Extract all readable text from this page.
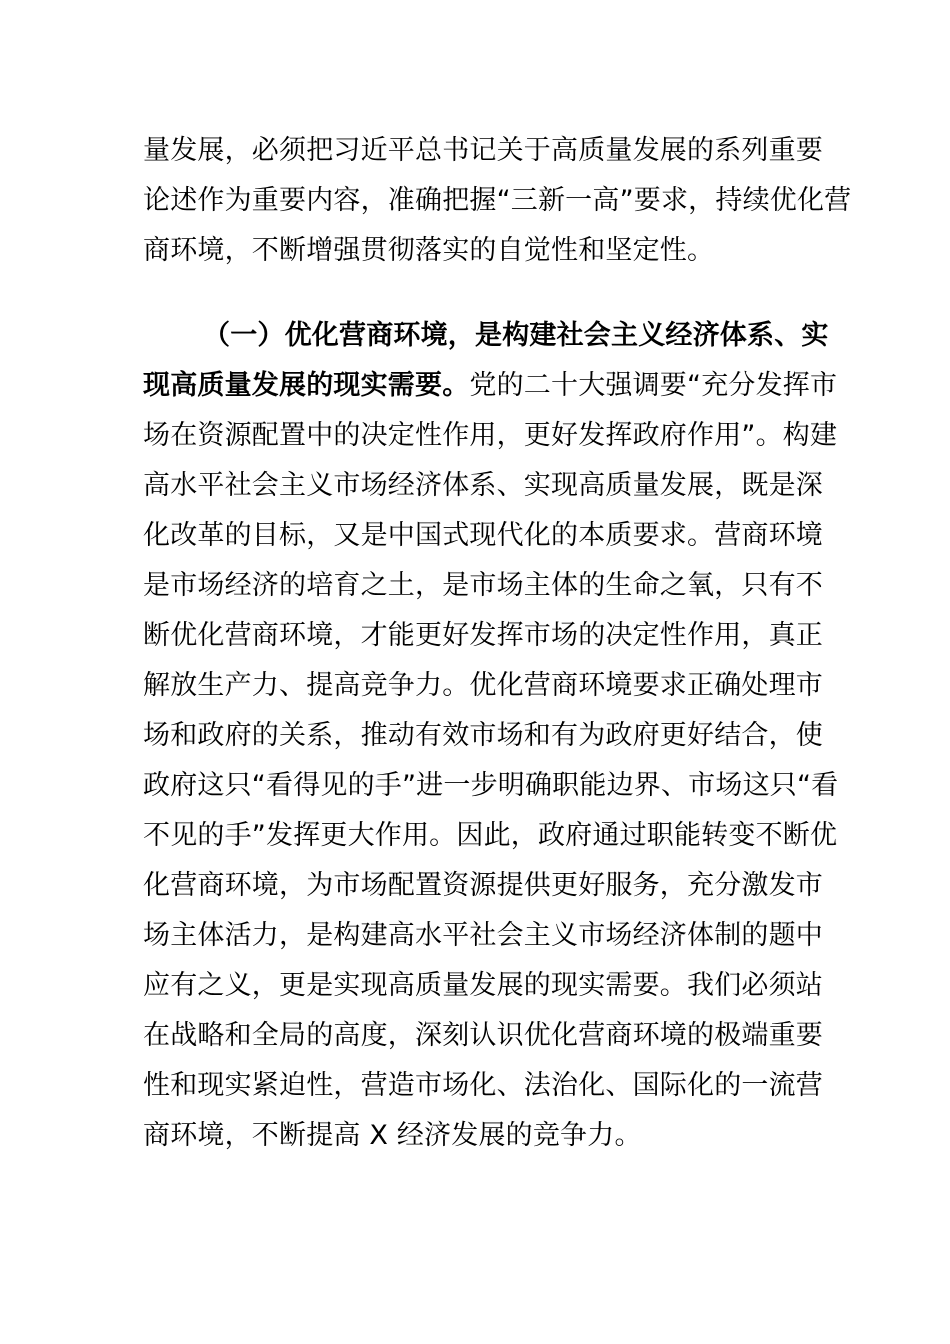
量发展，必须把习近平总书记关于高质量发展的系列重要
论述作为重要内容，准确把握“三新一高”要求，持续优化营
商环境，不断增强贯彻落实的自觉性和坚定性。
（一）优化营商环境，是构建社会主义经济体系、实
现高质量发展的现实需要。党的二十大强调要“充分发挥市
场在资源配置中的决定性作用，更好发挥政府作用”。构建
高水平社会主义市场经济体系、实现高质量发展，既是深
化改革的目标，又是中国式现代化的本质要求。营商环境
是市场经济的培育之土，是市场主体的生命之氧，只有不
断优化营商环境，才能更好发挥市场的决定性作用，真正
解放生产力、提高竞争力。优化营商环境要求正确处理市
场和政府的关系，推动有效市场和有为政府更好结合，使
政府这只“看得见的手”进一步明确职能边界、市场这只“看
不见的手”发挥更大作用。因此，政府通过职能转变不断优
化营商环境，为市场配置资源提供更好服务，充分激发市
场主体活力，是构建高水平社会主义市场经济体制的题中
应有之义，更是实现高质量发展的现实需要。我们必须站
在战略和全局的高度，深刻认识优化营商环境的极端重要
性和现实紧迫性，营造市场化、法治化、国际化的一流营
商环境，不断提高 X 经济发展的竞争力。
